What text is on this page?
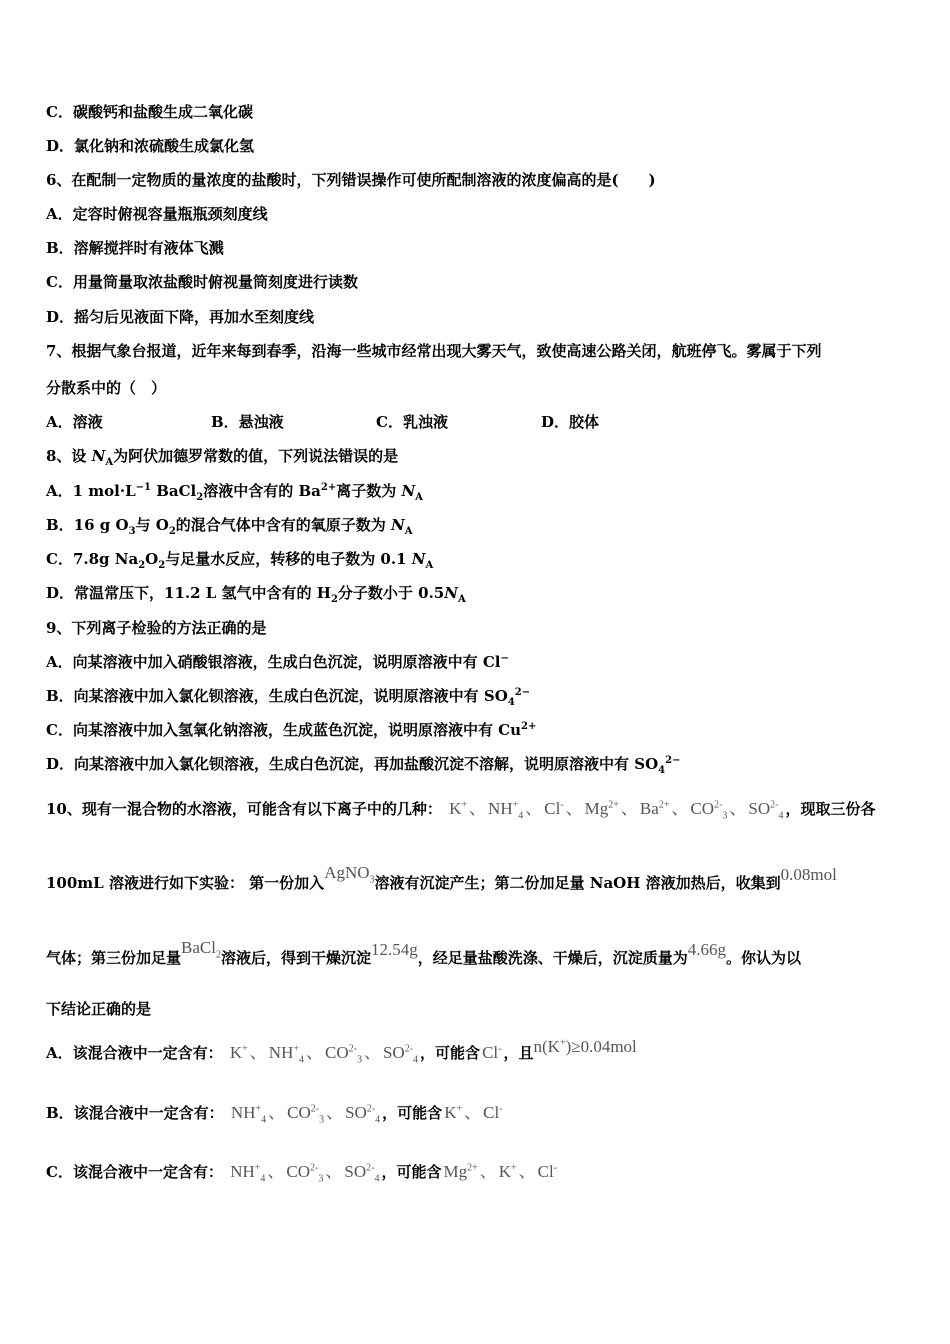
C．碳酸钙和盐酸生成二氧化碳
D．氯化钠和浓硫酸生成氯化氢
6、在配制一定物质的量浓度的盐酸时，下列错误操作可使所配制溶液的浓度偏高的是(　　)
A．定容时俯视容量瓶瓶颈刻度线
B．溶解搅拌时有液体飞溅
C．用量筒量取浓盐酸时俯视量筒刻度进行读数
D．摇匀后见液面下降，再加水至刻度线
7、根据气象台报道，近年来每到春季，沿海一些城市经常出现大雾天气，致使高速公路关闭，航班停飞。雾属于下列
分散系中的（　）
A．溶液	B．悬浊液	C．乳浊液	D．胶体
8、设 $N_A$为阿伏加德罗常数的值，下列说法错误的是
A．1 $mol\cdot L^{-1}$ BaCl$_2$溶液中含有的 $Ba^{2+}$离子数为 $N_A$
B．16 g $O_3$与 $O_2$的混合气体中含有的氧原子数为 $N_A$
C．7.8g $Na_2O_2$与足量水反应，转移的电子数为 0.1 $N_A$
D．常温常压下，11.2 L 氢气中含有的 $H_2$分子数小于 $0.5N_A$
9、下列离子检验的方法正确的是
A．向某溶液中加入硝酸银溶液，生成白色沉淀，说明原溶液中有 Cl−
B．向某溶液中加入氯化钡溶液，生成白色沉淀，说明原溶液中有 $SO_4^{2-}$
C．向某溶液中加入氢氧化钠溶液，生成蓝色沉淀，说明原溶液中有 $Cu^{2+}$
D．向某溶液中加入氯化钡溶液，生成白色沉淀，再加盐酸沉淀不溶解，说明原溶液中有 $SO_4^{2-}$
10、现有一混合物的水溶液，可能含有以下离子中的几种： K+ 、 $NH^+_4$ 、 Cl- 、 $Mg^{2+}$ 、 $Ba^{2+}$ 、 $CO^{2-}_3$ 、 $SO^{2-}_4$ ，现取三份各
100mL 溶液进行如下实验： 第一份加入AgNO$_3$溶液有沉淀产生；第二份加足量 NaOH 溶液加热后，收集到0.08mol
气体；第三份加足量BaCl$_2$溶液后，得到干燥沉淀12.54g，经足量盐酸洗涤、干燥后，沉淀质量为4.66g。你认为以
下结论正确的是
A．该混合液中一定含有： K+ 、 $NH^+_4$ 、 $CO^{2-}_3$ 、 $SO^{2-}_4$ ，可能含 Cl- ，且n(K+)≥0.04mol
B．该混合液中一定含有： $NH^+_4$ 、 $CO^{2-}_3$ 、 $SO^{2-}_4$ ，可能含 K+ 、 Cl-
C．该混合液中一定含有： $NH^+_4$ 、 $CO^{2-}_3$ 、 $SO^{2-}_4$ ，可能含 $Mg^{2+}$ 、 K+ 、 Cl-
